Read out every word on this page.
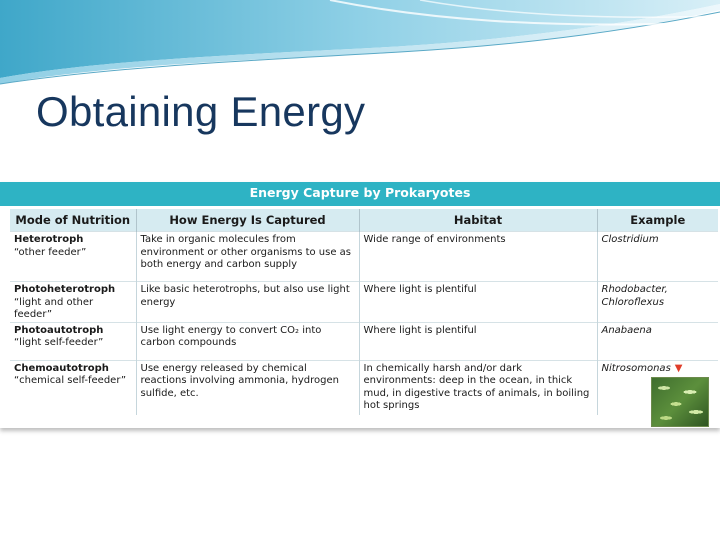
Obtaining Energy
Energy Capture by Prokaryotes
Mode of Nutrition	How Energy Is Captured	Habitat	Example

Heterotroph
“other feeder”	Take in organic molecules from environment or other organisms to use as both energy and carbon supply	Wide range of environments	Clostridium

Photoheterotroph
“light and other feeder”	Like basic heterotrophs, but also use light energy	Where light is plentiful	Rhodobacter, Chloroflexus

Photoautotroph
“light self-feeder”	Use light energy to convert CO₂ into carbon compounds	Where light is plentiful	Anabaena

Chemoautotroph
“chemical self-feeder”	Use energy released by chemical reactions involving ammonia, hydrogen sulfide, etc.	In chemically harsh and/or dark environments: deep in the ocean, in thick mud, in digestive tracts of animals, in boiling hot springs	Nitrosomonas ▼
